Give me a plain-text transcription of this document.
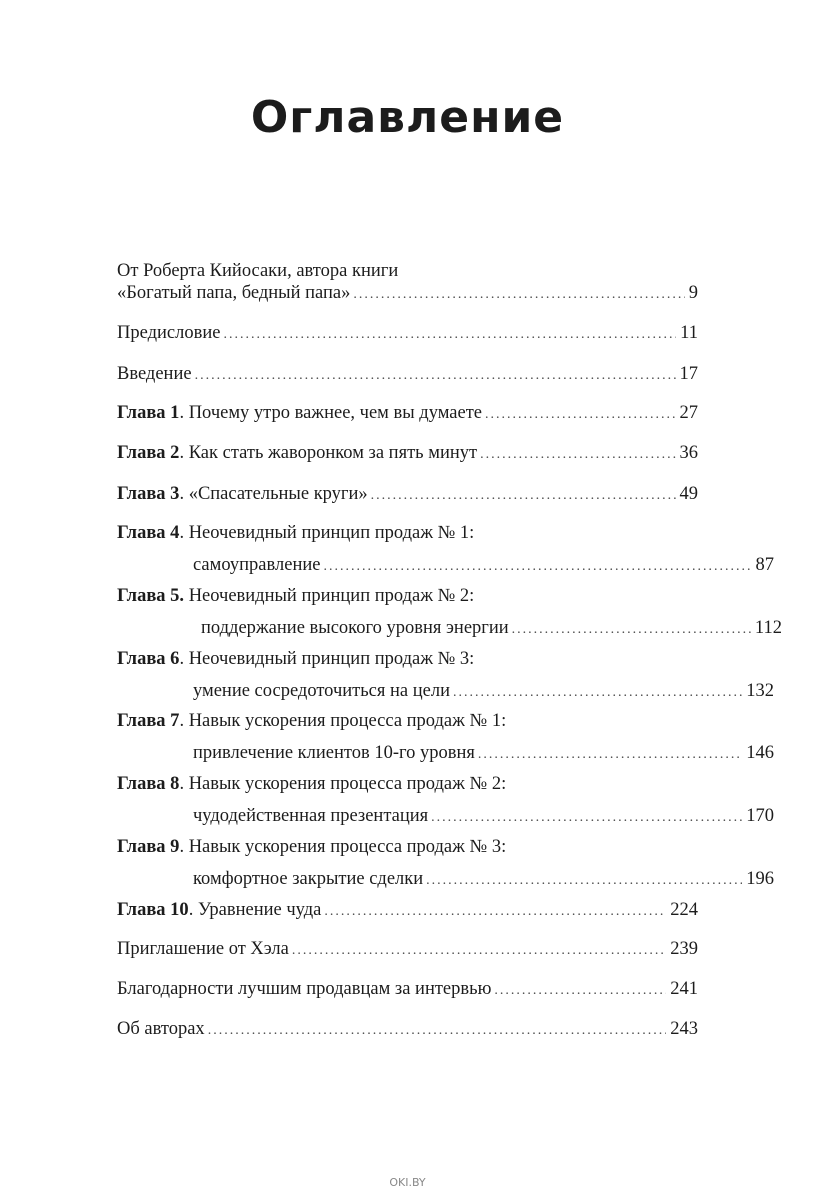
Оглавление
От Роберта Кийосаки, автора книги
«Богатый папа, бедный папа» .....	9
Предисловие .....	11
Введение .....	17
Глава 1. Почему утро важнее, чем вы думаете .....	27
Глава 2. Как стать жаворонком за пять минут .....	36
Глава 3. «Спасательные круги» .....	49
Глава 4. Неочевидный принцип продаж № 1:
самоуправление .....	87
Глава 5. Неочевидный принцип продаж № 2:
поддержание высокого уровня энергии .....	112
Глава 6. Неочевидный принцип продаж № 3:
умение сосредоточиться на цели .....	132
Глава 7. Навык ускорения процесса продаж № 1:
привлечение клиентов 10-го уровня .....	146
Глава 8. Навык ускорения процесса продаж № 2:
чудодейственная презентация .....	170
Глава 9. Навык ускорения процесса продаж № 3:
комфортное закрытие сделки .....	196
Глава 10. Уравнение чуда .....	224
Приглашение от Хэла .....	239
Благодарности лучшим продавцам за интервью .....	241
Об авторах .....	243
OKI.BY
